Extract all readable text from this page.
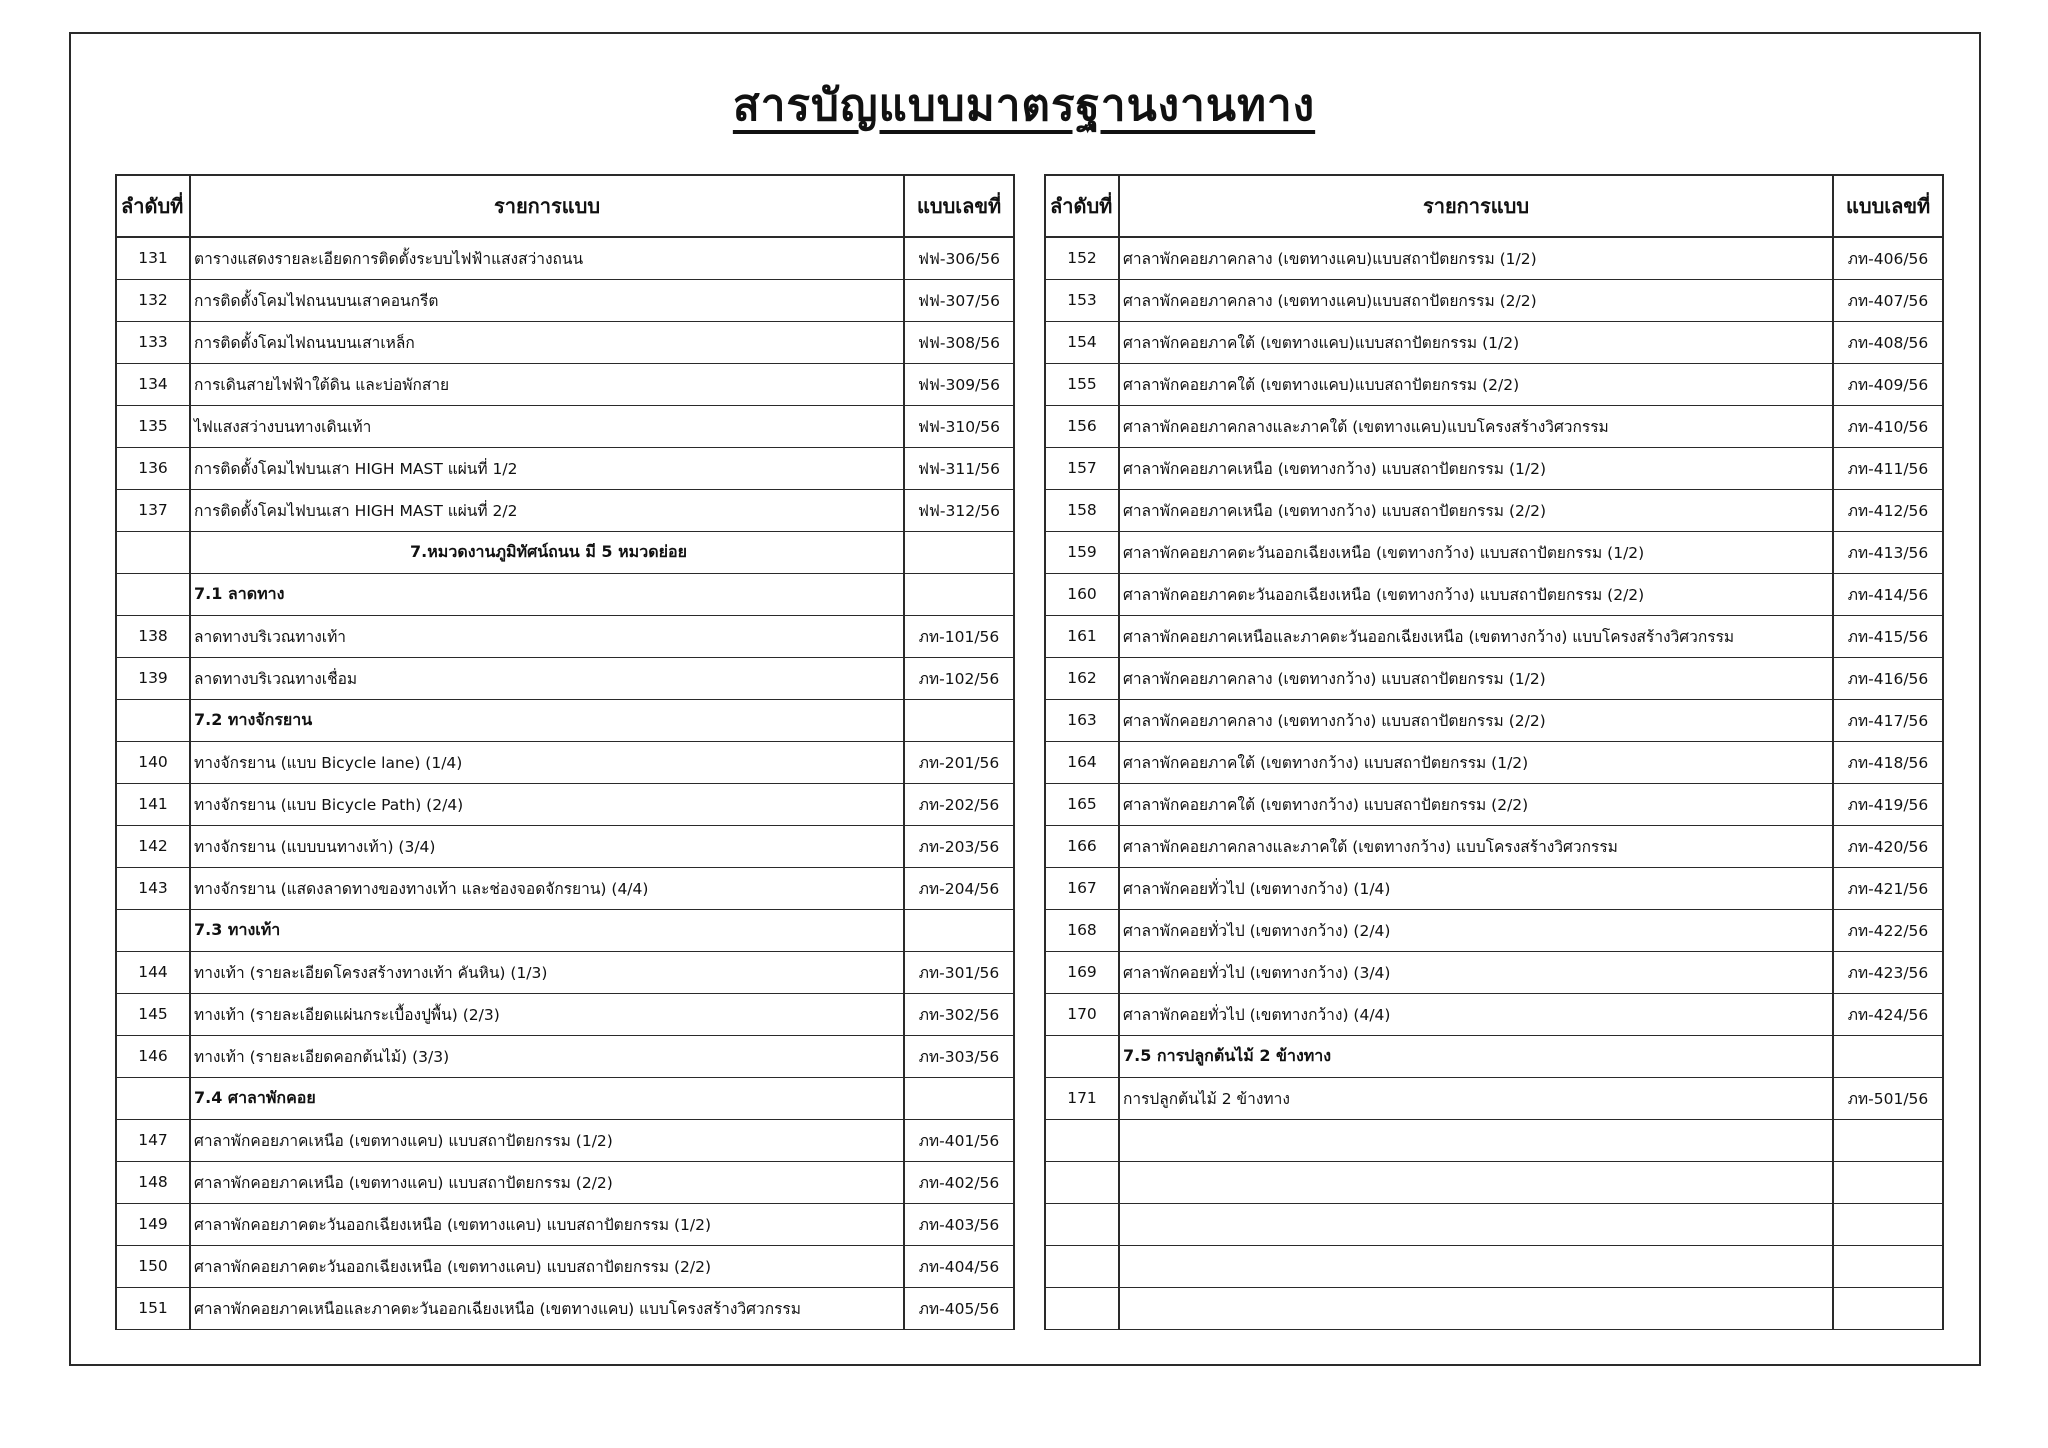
สารบัญแบบมาตรฐานงานทาง
ลำดับที่	รายการแบบ	แบบเลขที่
131	ตารางแสดงรายละเอียดการติดตั้งระบบไฟฟ้าแสงสว่างถนน	ฟฟ-306/56
132	การติดตั้งโคมไฟถนนบนเสาคอนกรีต	ฟฟ-307/56
133	การติดตั้งโคมไฟถนนบนเสาเหล็ก	ฟฟ-308/56
134	การเดินสายไฟฟ้าใต้ดิน และบ่อพักสาย	ฟฟ-309/56
135	ไฟแสงสว่างบนทางเดินเท้า	ฟฟ-310/56
136	การติดตั้งโคมไฟบนเสา HIGH MAST แผ่นที่ 1/2	ฟฟ-311/56
137	การติดตั้งโคมไฟบนเสา HIGH MAST แผ่นที่ 2/2	ฟฟ-312/56
	7.หมวดงานภูมิทัศน์ถนน มี 5 หมวดย่อย	
	7.1 ลาดทาง	
138	ลาดทางบริเวณทางเท้า	ภท-101/56
139	ลาดทางบริเวณทางเชื่อม	ภท-102/56
	7.2 ทางจักรยาน	
140	ทางจักรยาน (แบบ Bicycle lane) (1/4)	ภท-201/56
141	ทางจักรยาน (แบบ Bicycle Path) (2/4)	ภท-202/56
142	ทางจักรยาน (แบบบนทางเท้า) (3/4)	ภท-203/56
143	ทางจักรยาน (แสดงลาดทางของทางเท้า และช่องจอดจักรยาน) (4/4)	ภท-204/56
	7.3 ทางเท้า	
144	ทางเท้า (รายละเอียดโครงสร้างทางเท้า คันหิน) (1/3)	ภท-301/56
145	ทางเท้า (รายละเอียดแผ่นกระเบื้องปูพื้น) (2/3)	ภท-302/56
146	ทางเท้า (รายละเอียดคอกต้นไม้) (3/3)	ภท-303/56
	7.4 ศาลาพักคอย	
147	ศาลาพักคอยภาคเหนือ (เขตทางแคบ) แบบสถาปัตยกรรม (1/2)	ภท-401/56
148	ศาลาพักคอยภาคเหนือ (เขตทางแคบ) แบบสถาปัตยกรรม (2/2)	ภท-402/56
149	ศาลาพักคอยภาคตะวันออกเฉียงเหนือ (เขตทางแคบ) แบบสถาปัตยกรรม (1/2)	ภท-403/56
150	ศาลาพักคอยภาคตะวันออกเฉียงเหนือ (เขตทางแคบ) แบบสถาปัตยกรรม (2/2)	ภท-404/56
151	ศาลาพักคอยภาคเหนือและภาคตะวันออกเฉียงเหนือ (เขตทางแคบ) แบบโครงสร้างวิศวกรรม	ภท-405/56
ลำดับที่	รายการแบบ	แบบเลขที่
152	ศาลาพักคอยภาคกลาง (เขตทางแคบ)แบบสถาปัตยกรรม (1/2)	ภท-406/56
153	ศาลาพักคอยภาคกลาง (เขตทางแคบ)แบบสถาปัตยกรรม (2/2)	ภท-407/56
154	ศาลาพักคอยภาคใต้ (เขตทางแคบ)แบบสถาปัตยกรรม (1/2)	ภท-408/56
155	ศาลาพักคอยภาคใต้ (เขตทางแคบ)แบบสถาปัตยกรรม (2/2)	ภท-409/56
156	ศาลาพักคอยภาคกลางและภาคใต้ (เขตทางแคบ)แบบโครงสร้างวิศวกรรม	ภท-410/56
157	ศาลาพักคอยภาคเหนือ (เขตทางกว้าง) แบบสถาปัตยกรรม (1/2)	ภท-411/56
158	ศาลาพักคอยภาคเหนือ (เขตทางกว้าง) แบบสถาปัตยกรรม (2/2)	ภท-412/56
159	ศาลาพักคอยภาคตะวันออกเฉียงเหนือ (เขตทางกว้าง) แบบสถาปัตยกรรม (1/2)	ภท-413/56
160	ศาลาพักคอยภาคตะวันออกเฉียงเหนือ (เขตทางกว้าง) แบบสถาปัตยกรรม (2/2)	ภท-414/56
161	ศาลาพักคอยภาคเหนือและภาคตะวันออกเฉียงเหนือ (เขตทางกว้าง) แบบโครงสร้างวิศวกรรม	ภท-415/56
162	ศาลาพักคอยภาคกลาง (เขตทางกว้าง) แบบสถาปัตยกรรม (1/2)	ภท-416/56
163	ศาลาพักคอยภาคกลาง (เขตทางกว้าง) แบบสถาปัตยกรรม (2/2)	ภท-417/56
164	ศาลาพักคอยภาคใต้ (เขตทางกว้าง) แบบสถาปัตยกรรม (1/2)	ภท-418/56
165	ศาลาพักคอยภาคใต้ (เขตทางกว้าง) แบบสถาปัตยกรรม (2/2)	ภท-419/56
166	ศาลาพักคอยภาคกลางและภาคใต้ (เขตทางกว้าง) แบบโครงสร้างวิศวกรรม	ภท-420/56
167	ศาลาพักคอยทั่วไป (เขตทางกว้าง) (1/4)	ภท-421/56
168	ศาลาพักคอยทั่วไป (เขตทางกว้าง) (2/4)	ภท-422/56
169	ศาลาพักคอยทั่วไป (เขตทางกว้าง) (3/4)	ภท-423/56
170	ศาลาพักคอยทั่วไป (เขตทางกว้าง) (4/4)	ภท-424/56
	7.5 การปลูกต้นไม้ 2 ข้างทาง	
171	การปลูกต้นไม้ 2 ข้างทาง	ภท-501/56
